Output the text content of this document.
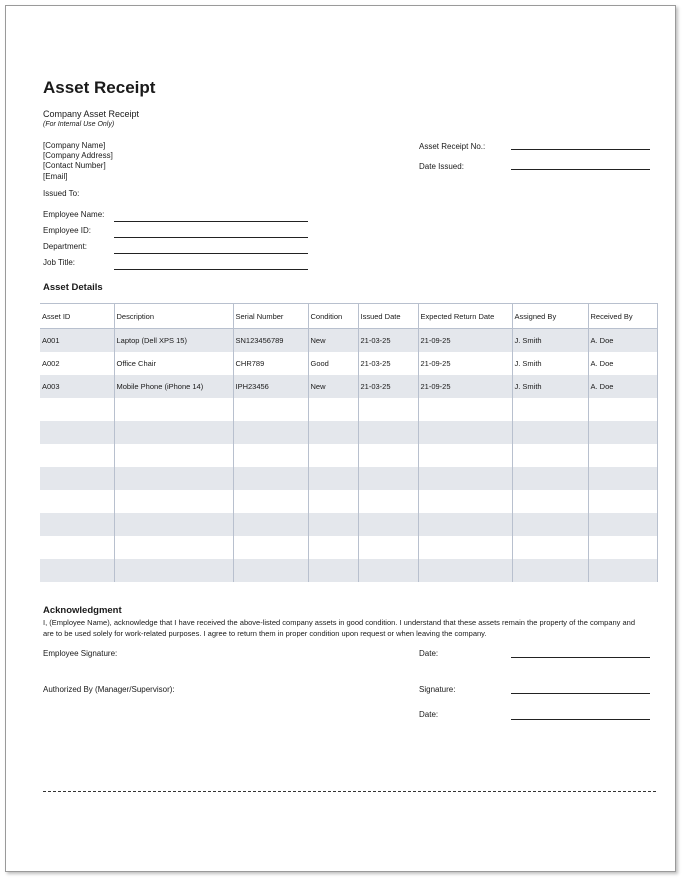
Asset Receipt
Company Asset Receipt
(For Internal Use Only)
[Company Name]
[Company Address]
[Contact Number]
[Email]
Asset Receipt No.:
Date Issued:
Issued To:
Employee Name:
Employee ID:
Department:
Job Title:
Asset Details
Asset ID	Description	Serial Number	Condition	Issued Date	Expected Return Date	Assigned By	Received By
A001	Laptop (Dell XPS 15)	SN123456789	New	21-03-25	21-09-25	J. Smith	A. Doe
A002	Office Chair	CHR789	Good	21-03-25	21-09-25	J. Smith	A. Doe
A003	Mobile Phone (iPhone 14)	IPH23456	New	21-03-25	21-09-25	J. Smith	A. Doe

Acknowledgment
I, (Employee Name), acknowledge that I have received the above-listed company assets in good condition. I understand that these assets remain the property of the company and are to be used solely for work-related purposes. I agree to return them in proper condition upon request or when leaving the company.
Employee Signature:	Date:
Authorized By (Manager/Supervisor):	Signature:
Date:
